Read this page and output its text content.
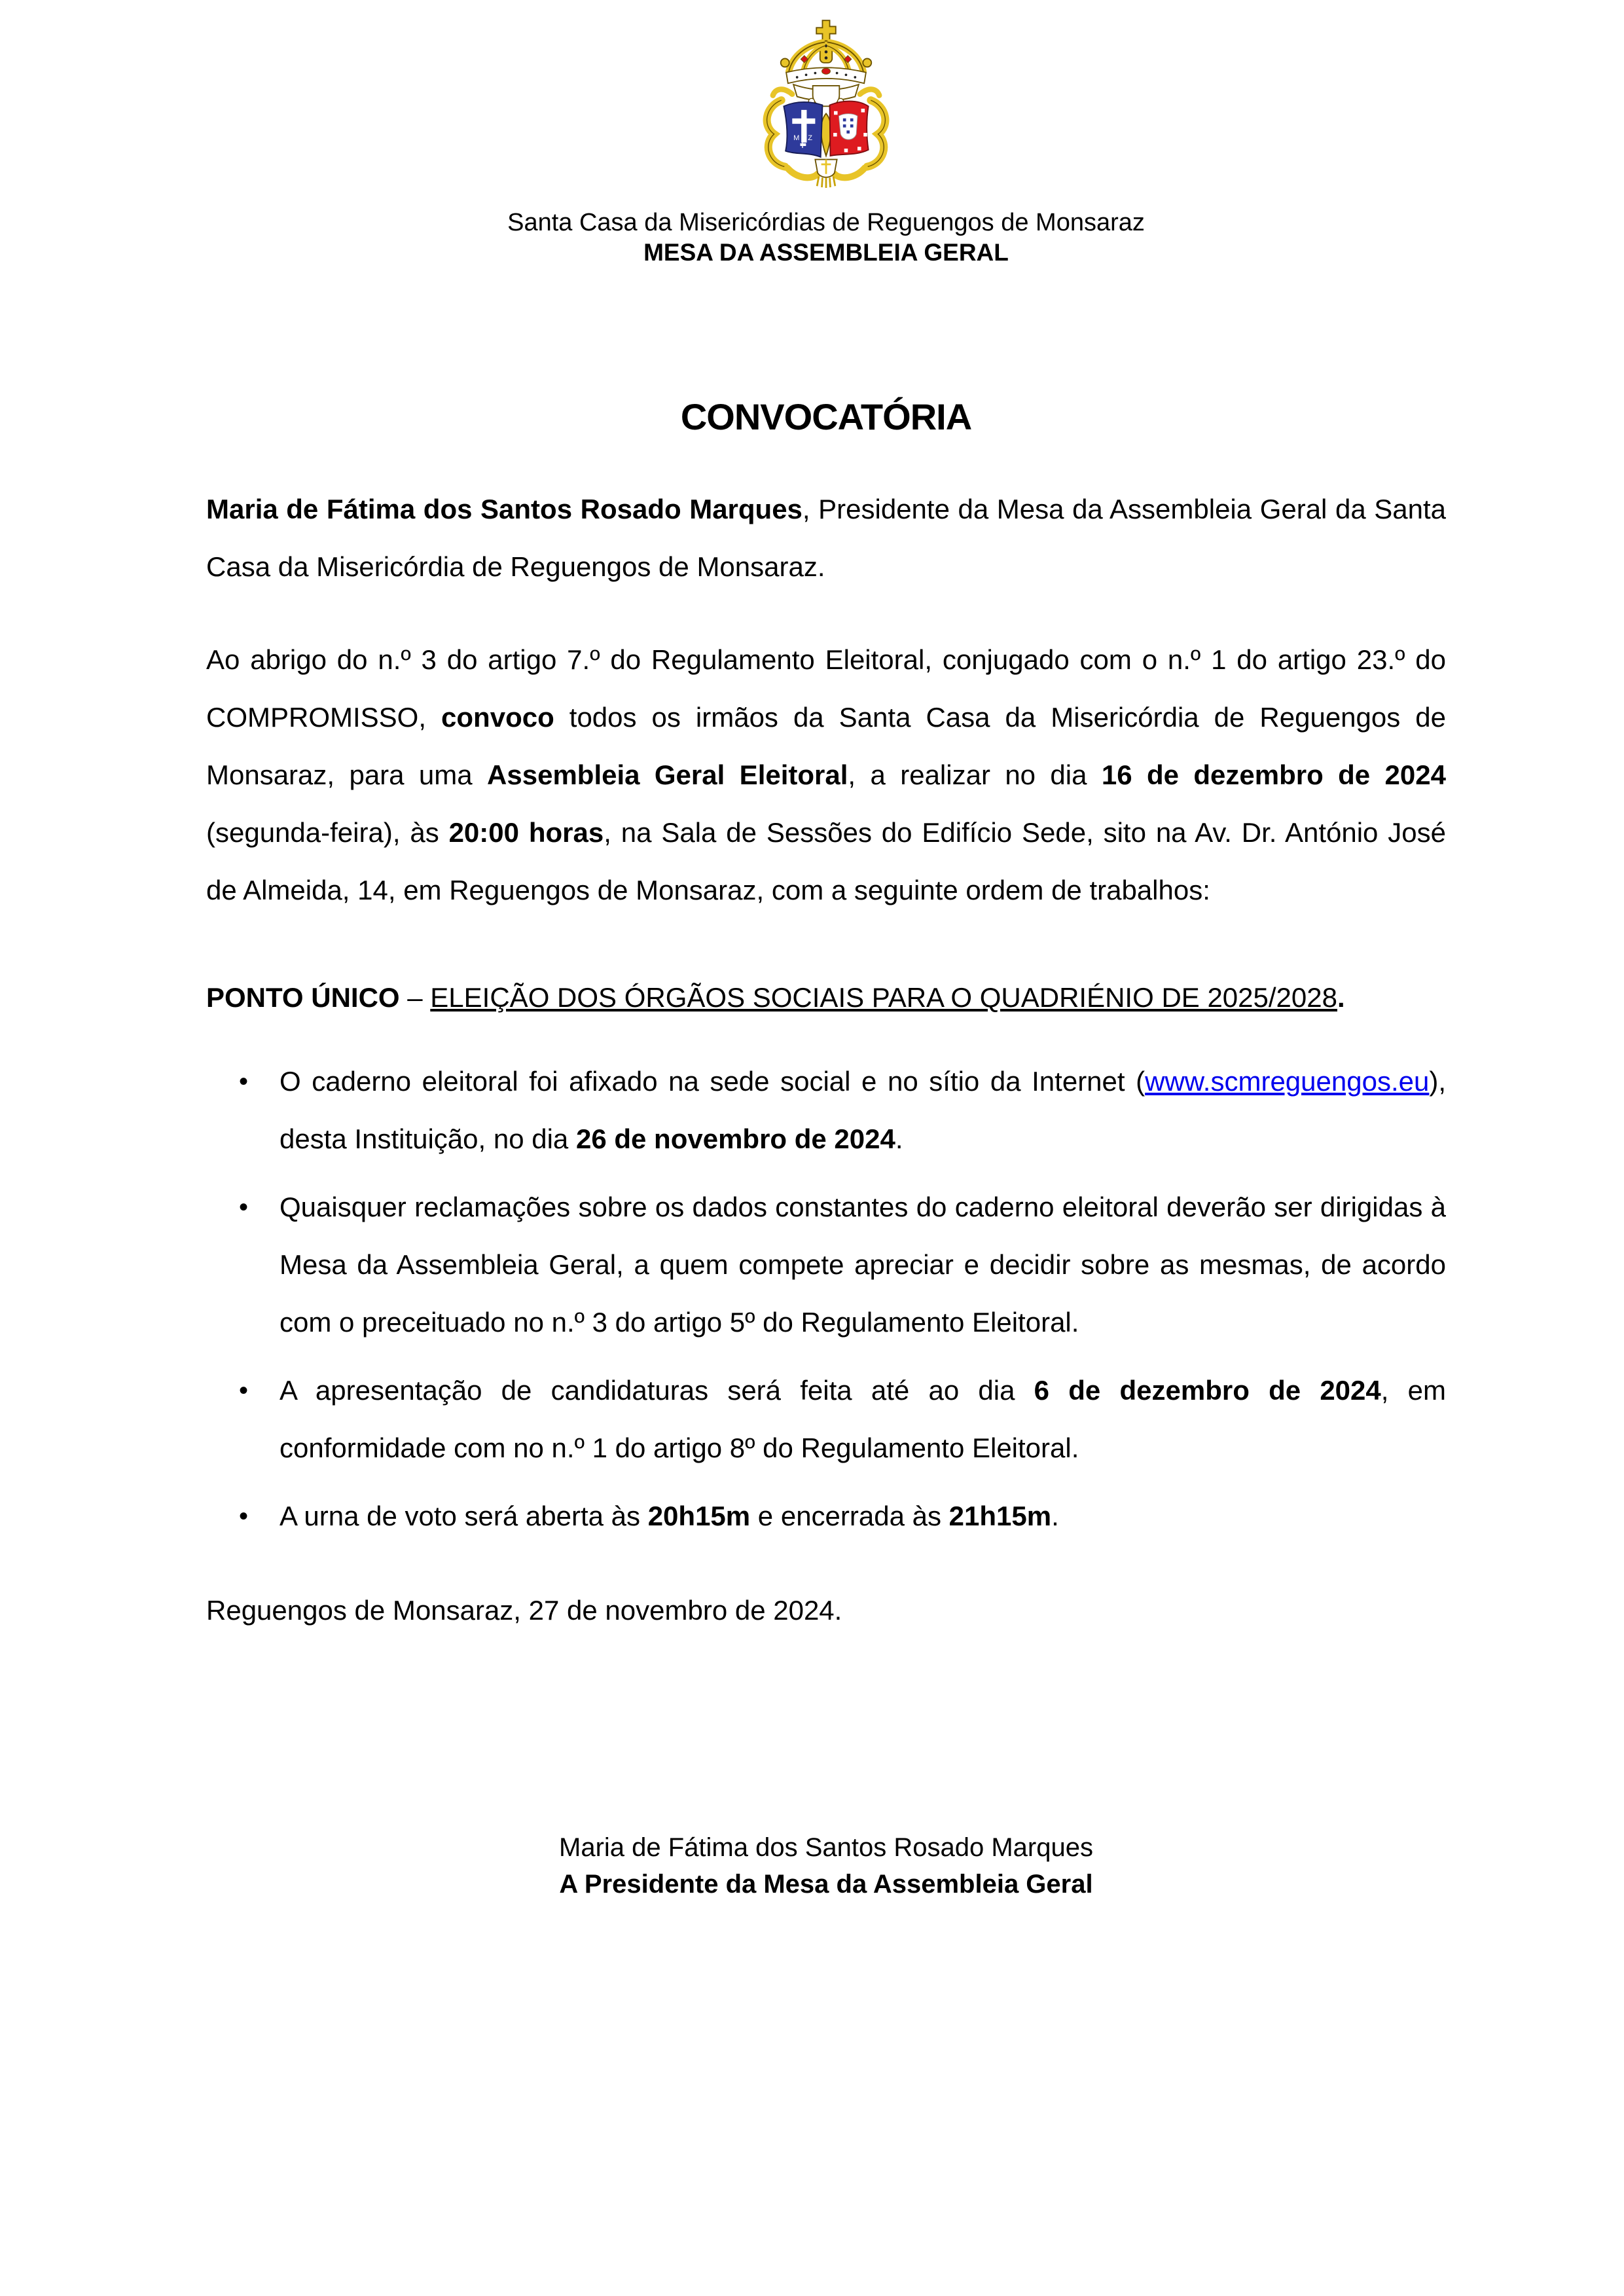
M Z
Santa Casa da Misericórdias de Reguengos de Monsaraz
MESA DA ASSEMBLEIA GERAL
CONVOCATÓRIA
Maria de Fátima dos Santos Rosado Marques, Presidente da Mesa da Assembleia Geral da Santa Casa da Misericórdia de Reguengos de Monsaraz.
Ao abrigo do n.º 3 do artigo 7.º do Regulamento Eleitoral, conjugado com o n.º 1 do artigo 23.º do COMPROMISSO, convoco todos os irmãos da Santa Casa da Misericórdia de Reguengos de Monsaraz, para uma Assembleia Geral Eleitoral, a realizar no dia 16 de dezembro de 2024 (segunda-feira), às 20:00 horas, na Sala de Sessões do Edifício Sede, sito na Av. Dr. António José de Almeida, 14, em Reguengos de Monsaraz, com a seguinte ordem de trabalhos:
PONTO ÚNICO – ELEIÇÃO DOS ÓRGÃOS SOCIAIS PARA O QUADRIÉNIO DE 2025/2028.
• O caderno eleitoral foi afixado na sede social e no sítio da Internet (www.scmreguengos.eu), desta Instituição, no dia 26 de novembro de 2024.
• Quaisquer reclamações sobre os dados constantes do caderno eleitoral deverão ser dirigidas à Mesa da Assembleia Geral, a quem compete apreciar e decidir sobre as mesmas, de acordo com o preceituado no n.º 3 do artigo 5º do Regulamento Eleitoral.
• A apresentação de candidaturas será feita até ao dia 6 de dezembro de 2024, em conformidade com no n.º 1 do artigo 8º do Regulamento Eleitoral.
• A urna de voto será aberta às 20h15m e encerrada às 21h15m.
Reguengos de Monsaraz, 27 de novembro de 2024.
Maria de Fátima dos Santos Rosado Marques
A Presidente da Mesa da Assembleia Geral
